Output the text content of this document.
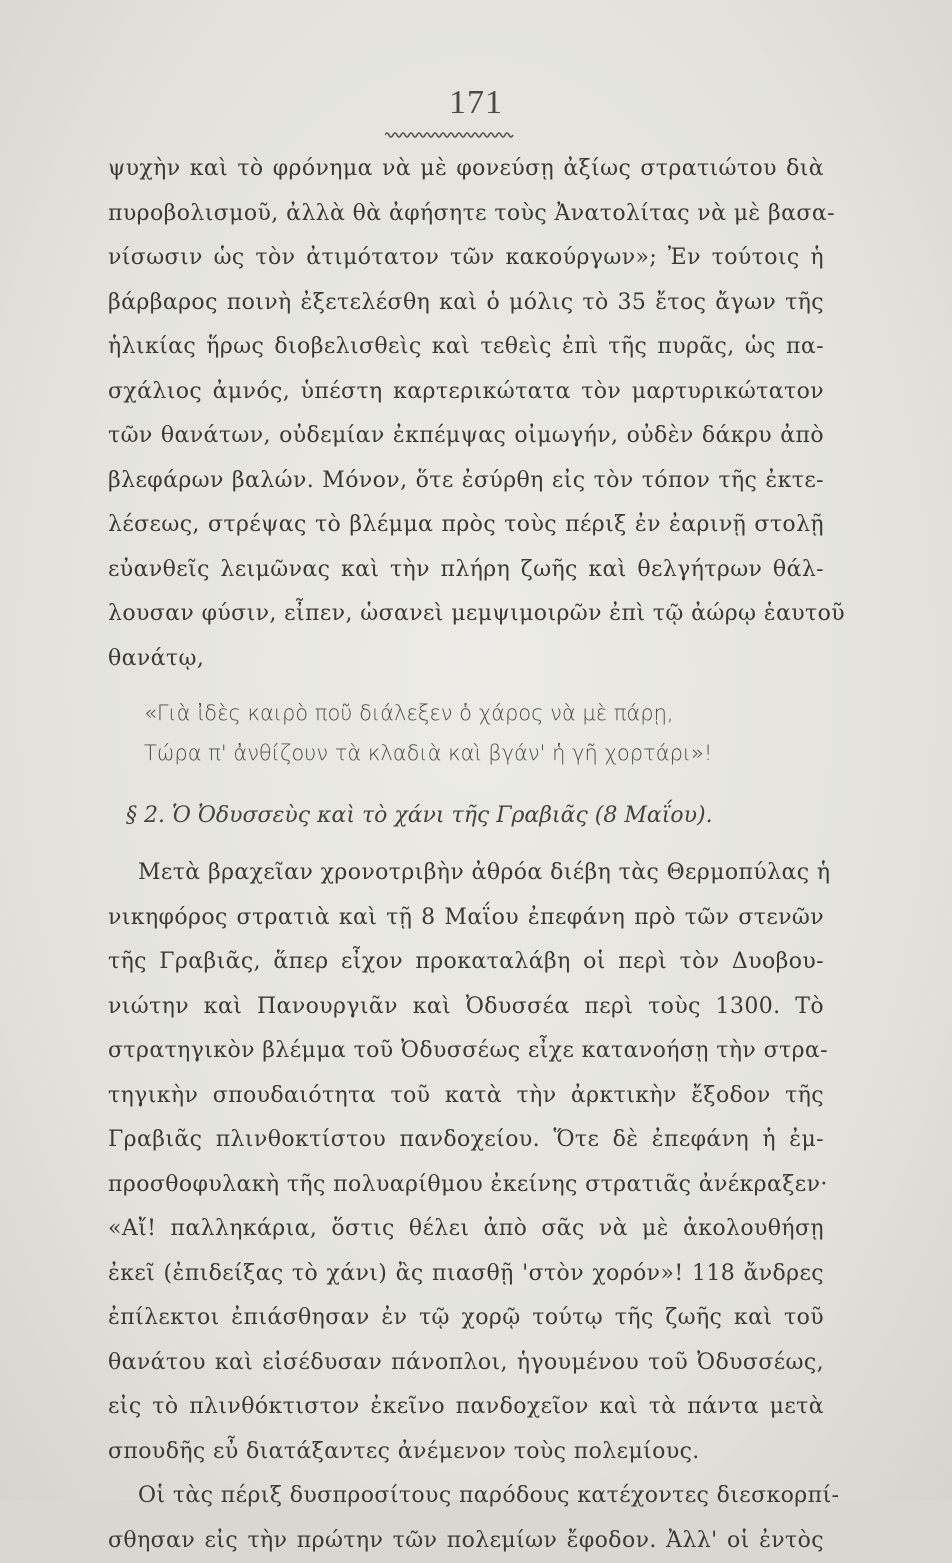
171
ψυχὴν καὶ τὸ φρόνημα νὰ μὲ φονεύσῃ ἀξίως στρατιώτου διὰ
πυροβολισμοῦ, ἀλλὰ θὰ ἀφήσητε τοὺς Ἀνατολίτας νὰ μὲ βασα-
νίσωσιν ὡς τὸν ἀτιμότατον τῶν κακούργων»; Ἐν τούτοις ἡ
βάρβαρος ποινὴ ἐξετελέσθη καὶ ὁ μόλις τὸ 35 ἔτος ἄγων τῆς
ἡλικίας ἥρως διοβελισθεὶς καὶ τεθεὶς ἐπὶ τῆς πυρᾶς, ὡς πα-
σχάλιος ἀμνός, ὑπέστη καρτερικώτατα τὸν μαρτυρικώτατον
τῶν θανάτων, οὐδεμίαν ἐκπέμψας οἰμωγήν, οὐδὲν δάκρυ ἀπὸ
βλεφάρων βαλών. Μόνον, ὅτε ἐσύρθη εἰς τὸν τόπον τῆς ἐκτε-
λέσεως, στρέψας τὸ βλέμμα πρὸς τοὺς πέριξ ἐν ἐαρινῇ στολῇ
εὐανθεῖς λειμῶνας καὶ τὴν πλήρη ζωῆς καὶ θελγήτρων θάλ-
λουσαν φύσιν, εἶπεν, ὡσανεὶ μεμψιμοιρῶν ἐπὶ τῷ ἀώρῳ ἑαυτοῦ
θανάτῳ,
«Γιὰ ἰδὲς καιρὸ ποῦ διάλεξεν ὁ χάρος νὰ μὲ πάρῃ,
Τώρα π' ἀνθίζουν τὰ κλαδιὰ καὶ βγάν' ἡ γῆ χορτάρι»!
§ 2. Ὁ Ὀδυσσεὺς καὶ τὸ χάνι τῆς Γραβιᾶς (8 Μαΐου).
Μετὰ βραχεῖαν χρονοτριβὴν ἀθρόα διέβη τὰς Θερμοπύλας ἡ
νικηφόρος στρατιὰ καὶ τῇ 8 Μαΐου ἐπεφάνη πρὸ τῶν στενῶν
τῆς Γραβιᾶς, ἅπερ εἶχον προκαταλάβη οἱ περὶ τὸν Δυοβου-
νιώτην καὶ Πανουργιᾶν καὶ Ὀδυσσέα περὶ τοὺς 1300. Τὸ
στρατηγικὸν βλέμμα τοῦ Ὀδυσσέως εἶχε κατανοήσῃ τὴν στρα-
τηγικὴν σπουδαιότητα τοῦ κατὰ τὴν ἀρκτικὴν ἔξοδον τῆς
Γραβιᾶς πλινθοκτίστου πανδοχείου. Ὅτε δὲ ἐπεφάνη ἡ ἐμ-
προσθοφυλακὴ τῆς πολυαρίθμου ἐκείνης στρατιᾶς ἀνέκραξεν·
«Αἴ! παλληκάρια, ὅστις θέλει ἀπὸ σᾶς νὰ μὲ ἀκολουθήσῃ
ἐκεῖ (ἐπιδείξας τὸ χάνι) ἂς πιασθῇ 'στὸν χορόν»! 118 ἄνδρες
ἐπίλεκτοι ἐπιάσθησαν ἐν τῷ χορῷ τούτῳ τῆς ζωῆς καὶ τοῦ
θανάτου καὶ εἰσέδυσαν πάνοπλοι, ἡγουμένου τοῦ Ὀδυσσέως,
εἰς τὸ πλινθόκτιστον ἐκεῖνο πανδοχεῖον καὶ τὰ πάντα μετὰ
σπουδῆς εὖ διατάξαντες ἀνέμενον τοὺς πολεμίους.
Οἱ τὰς πέριξ δυσπροσίτους παρόδους κατέχοντες διεσκορπί-
σθησαν εἰς τὴν πρώτην τῶν πολεμίων ἔφοδον. Ἀλλ' οἱ ἐντὸς
